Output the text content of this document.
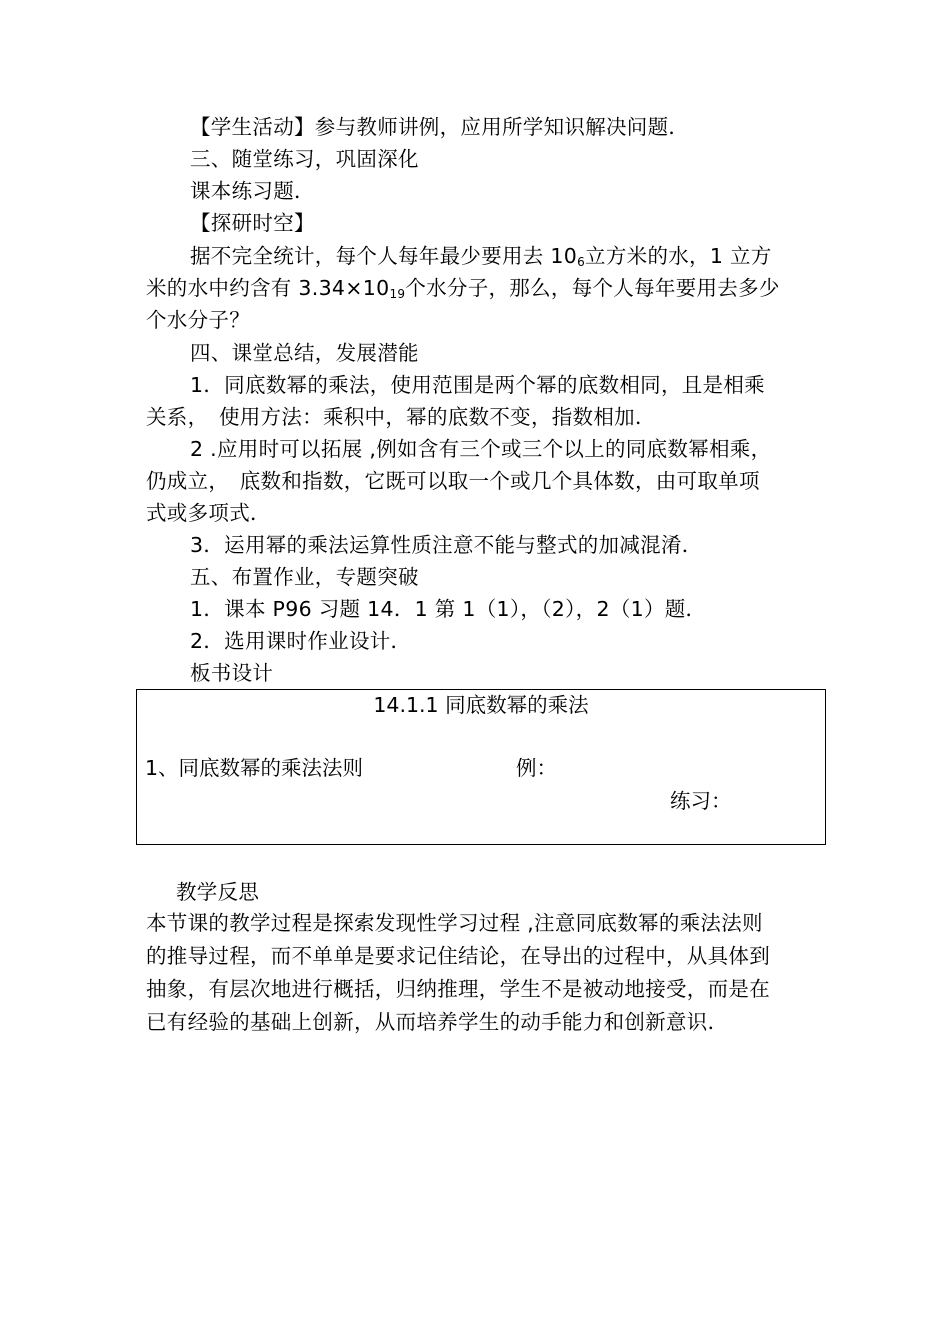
【学生活动】参与教师讲例，应用所学知识解决问题．
三、随堂练习，巩固深化
课本练习题．
【探研时空】
据不完全统计，每个人每年最少要用去 $10_6$立方米的水，1 立方
米的水中约含有 $3.34\times 10_{19}$个水分子，那么，每个人每年要用去多少
个水分子？
四、课堂总结，发展潜能
1．同底数幂的乘法，使用范围是两个幂的底数相同，且是相乘
关系，　使用方法：乘积中，幂的底数不变，指数相加．
2 .应用时可以拓展 ,例如含有三个或三个以上的同底数幂相乘，
仍成立，　底数和指数，它既可以取一个或几个具体数，由可取单项
式或多项式．
3．运用幂的乘法运算性质注意不能与整式的加减混淆．
五、布置作业，专题突破
1．课本 P96 习题 14．1 第 1（1），（2），2（1）题．
2．选用课时作业设计．
板书设计
14.1.1 同底数幂的乘法
1、同底数幂的乘法法则	例：
练习：
教学反思
本节课的教学过程是探索发现性学习过程 ,注意同底数幂的乘法法则
的推导过程，而不单单是要求记住结论，在导出的过程中，从具体到
抽象，有层次地进行概括，归纳推理，学生不是被动地接受，而是在
已有经验的基础上创新，从而培养学生的动手能力和创新意识．
